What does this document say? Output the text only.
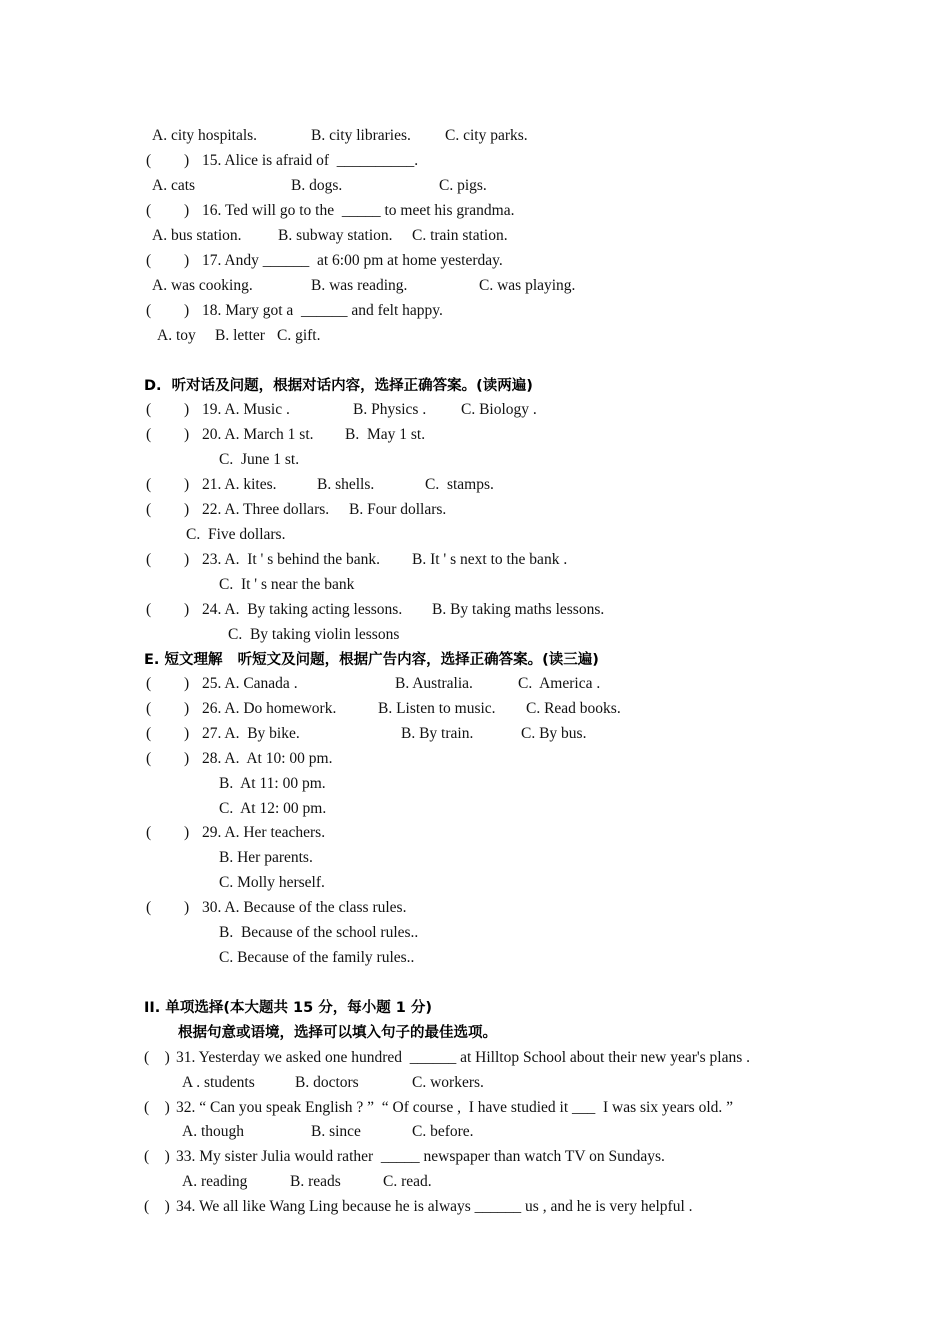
A. city hospitals.	B. city libraries. C. city parks.
( ) 15. Alice is afraid of  __________.
A. cats	B. dogs.	C. pigs.
( ) 16. Ted will go to the  _____ to meet his grandma.
A. bus station. B. subway station. C. train station.
( ) 17. Andy ______  at 6:00 pm at home yesterday.
A. was cooking.	B. was reading.	C. was playing.
( ) 18. Mary got a  ______ and felt happy.
A. toy B. letter C. gift.
D.  听对话及问题，根据对话内容，选择正确答案。(读两遍)
( ) 19. A. Music .	B. Physics . C. Biology .
( ) 20. A. March 1 st. B.  May 1 st.
C.  June 1 st.
( ) 21. A. kites.	B. shells.	C.  stamps.
( ) 22. A. Three dollars. B. Four dollars.
C.  Five dollars.
( ) 23. A.  It ' s behind the bank. B. It ' s next to the bank .
C.  It ' s near the bank
( ) 24. A.  By taking acting lessons. B. By taking maths lessons.
C.  By taking violin lessons
E. 短文理解   听短文及问题，根据广告内容，选择正确答案。(读三遍)
( ) 25. A. Canada .	B. Australia.	C.  America .
( ) 26. A. Do homework.	B. Listen to music. C. Read books.
( ) 27. A.  By bike.	B. By train.	C. By bus.
( ) 28. A.  At 10: 00 pm.
B.  At 11: 00 pm.
C.  At 12: 00 pm.
( ) 29. A. Her teachers.
B. Her parents.
C. Molly herself.
( ) 30. A. Because of the class rules.
B.  Because of the school rules..
C. Because of the family rules..
II. 单项选择(本大题共 15 分，每小题 1 分)
根据句意或语境，选择可以填入句子的最佳选项。
(    ) 31. Yesterday we asked one hundred  ______ at Hilltop School about their new year's plans .
A . students	B. doctors	C. workers.
(    ) 32. “ Can you speak English ? ”  “ Of course ,  I have studied it ___  I was six years old. ”
A. though	B. since	C. before.
(    ) 33. My sister Julia would rather  _____ newspaper than watch TV on Sundays.
A. reading	B. reads	C. read.
(    ) 34. We all like Wang Ling because he is always ______ us , and he is very helpful .
